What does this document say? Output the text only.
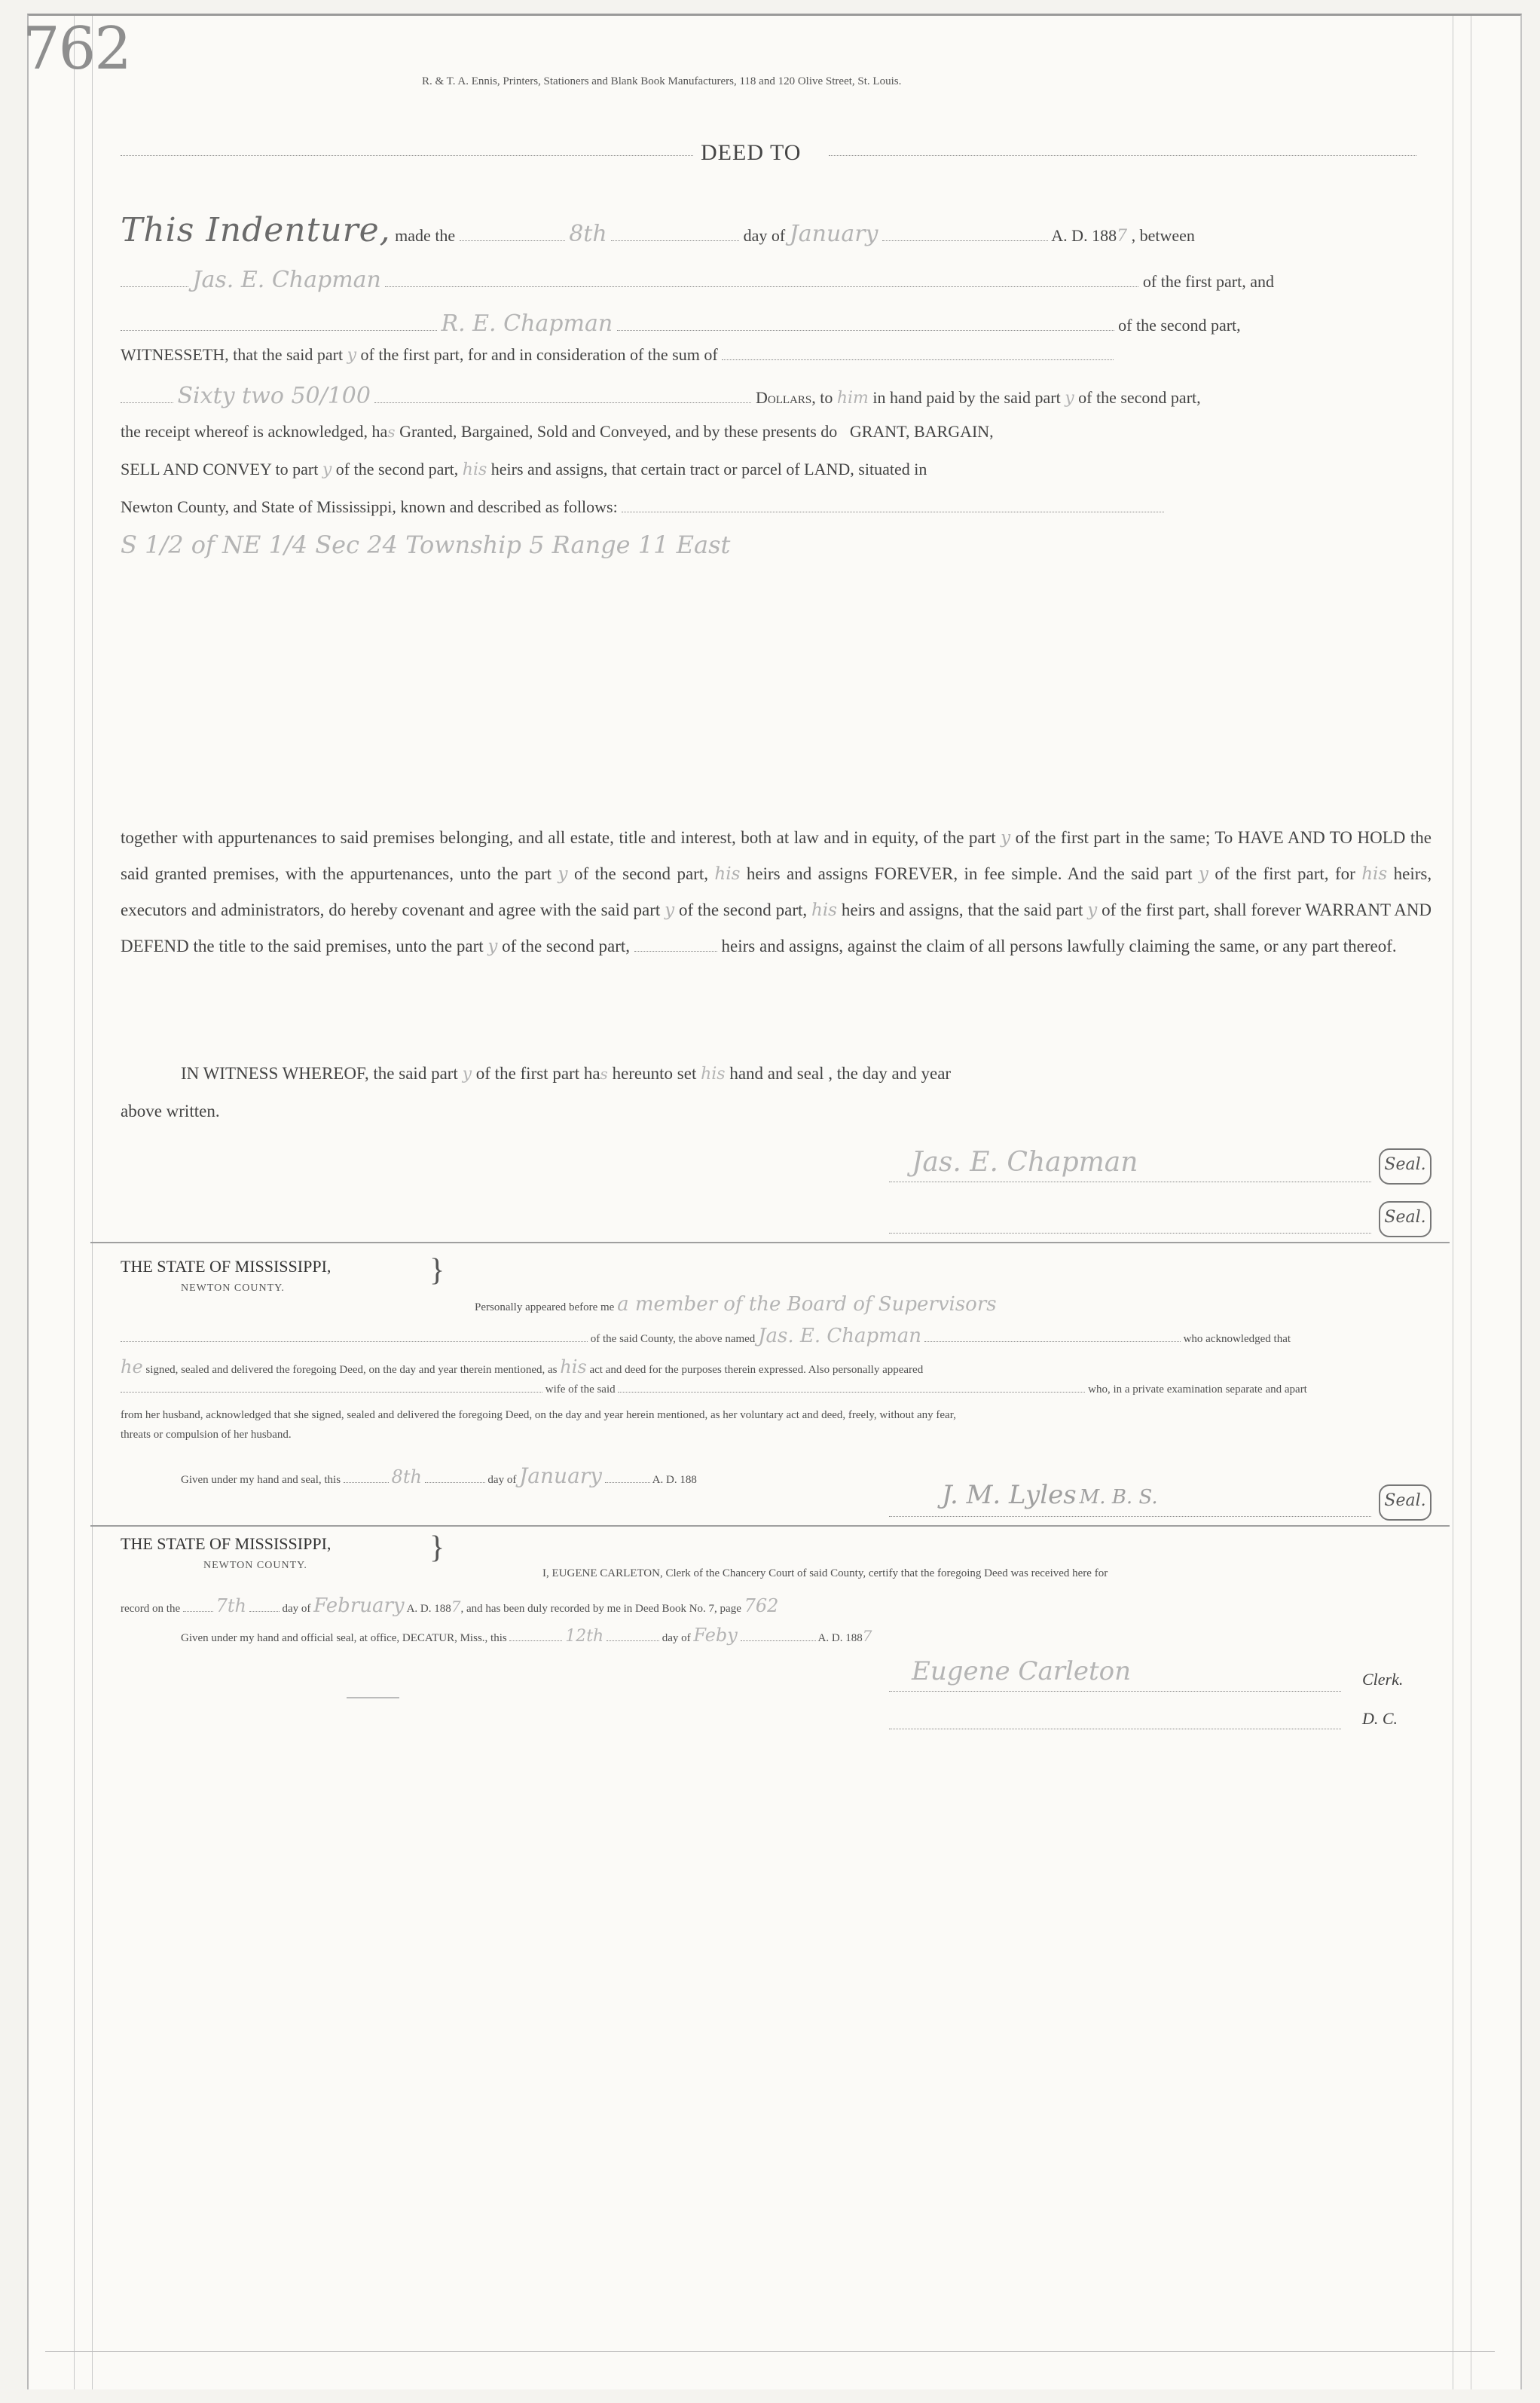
762	R. & T. A. Ennis, Printers, Stationers and Blank Book Manufacturers, 118 and 120 Olive Street, St. Louis.
DEED TO
This Indenture, made the	8th	day of January	A. D. 1887 , between
Jas. E. Chapman	of the first part, and
R. E. Chapman	of the second part,
WITNESSETH, that the said part y of the first part, for and in consideration of the sum of
Sixty two 50/100	Dollars, to him in hand paid by the said part y of the second part,
the receipt whereof is acknowledged, has Granted, Bargained, Sold and Conveyed, and by these presents do GRANT, BARGAIN,
SELL AND CONVEY to part y of the second part, his heirs and assigns, that certain tract or parcel of LAND, situated in
Newton County, and State of Mississippi, known and described as follows:
S 1/2 of NE 1/4 Sec 24 Township 5 Range 11 East
together with appurtenances to said premises belonging, and all estate, title and interest, both at law and in equity, of the part y of the first part in the same; To HAVE AND TO HOLD the said granted premises, with the appurtenances, unto the part y of the second part, his heirs and assigns FOREVER, in fee simple. And the said part y of the first part, for his heirs, executors and administrators, do hereby covenant and agree with the said part y of the second part, his heirs and assigns, that the said part y of the first part, shall forever WARRANT AND DEFEND the title to the said premises, unto the part y of the second part,	heirs and assigns, against the claim of all persons lawfully claiming the same, or any part thereof.
IN WITNESS WHEREOF, the said part y of the first part has hereunto set his hand and seal , the day and year
above written.
Jas. E. Chapman	Seal.
Seal.
THE STATE OF MISSISSIPPI,
NEWTON COUNTY.
}
Personally appeared before me a member of the Board of Supervisors
of the said County, the above named Jas. E. Chapman	who acknowledged that
he signed, sealed and delivered the foregoing Deed, on the day and year therein mentioned, as his act and deed for the purposes therein expressed. Also personally appeared
wife of the said	who, in a private examination separate and apart
from her husband, acknowledged that she signed, sealed and delivered the foregoing Deed, on the day and year herein mentioned, as her voluntary act and deed, freely, without any fear,
threats or compulsion of her husband.
Given under my hand and seal, this	8th	day of January	A. D. 188	J. M. Lyles M. B. S.	Seal.
THE STATE OF MISSISSIPPI,
NEWTON COUNTY.
}
I, EUGENE CARLETON, Clerk of the Chancery Court of said County, certify that the foregoing Deed was received here for
record on the 7th	day of February A. D. 1887, and has been duly recorded by me in Deed Book No. 7, page 762
Given under my hand and official seal, at office, DECATUR, Miss., this	12th	day of Feby	A. D. 1887
Eugene Carleton	Clerk.
D. C.
